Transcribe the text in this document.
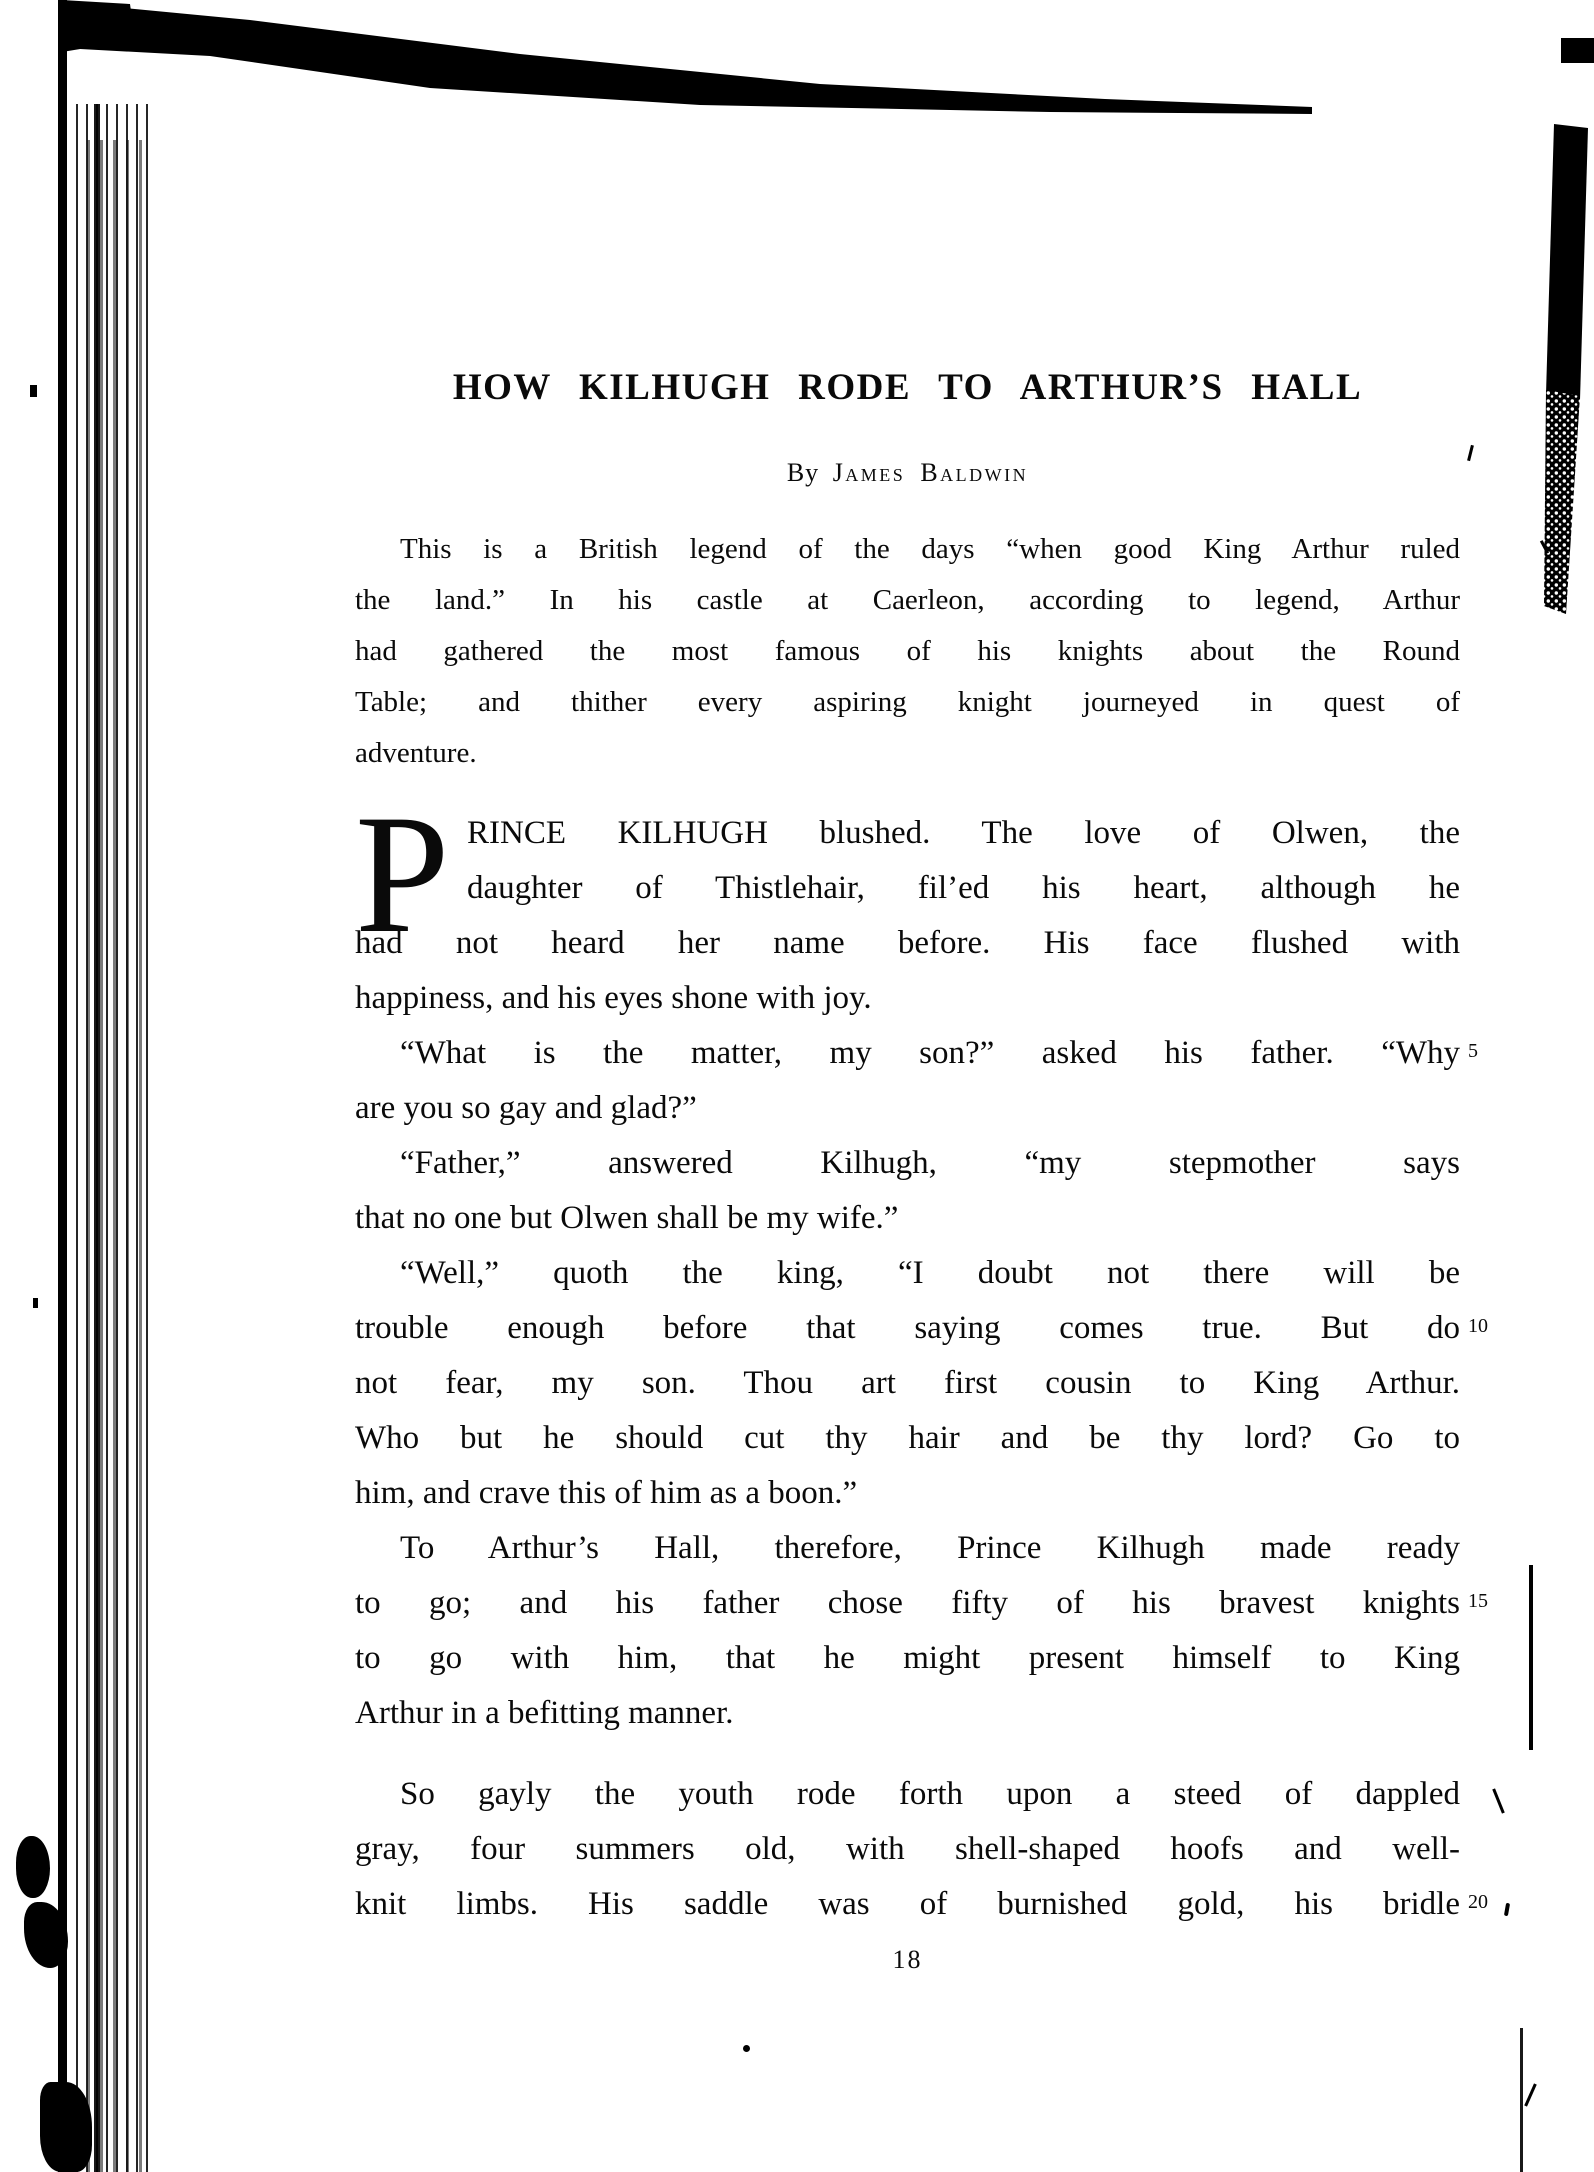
HOW KILHUGH RODE TO ARTHUR’S HALL
By James Baldwin
This is a British legend of the days “when good King Arthur ruled
the land.” In his castle at Caerleon, according to legend, Arthur
had gathered the most famous of his knights about the Round
Table; and thither every aspiring knight journeyed in quest of
adventure.
P RINCE KILHUGH blushed. The love of Olwen, the
daughter of Thistlehair, fil’ed his heart, although he
had not heard her name before. His face flushed with
happiness, and his eyes shone with joy.
“What is the matter, my son?” asked his father. “Why
are you so gay and glad?”
“Father,” answered Kilhugh, “my stepmother says
that no one but Olwen shall be my wife.”
“Well,” quoth the king, “I doubt not there will be
trouble enough before that saying comes true. But do
not fear, my son. Thou art first cousin to King Arthur.
Who but he should cut thy hair and be thy lord? Go to
him, and crave this of him as a boon.”
To Arthur’s Hall, therefore, Prince Kilhugh made ready
to go; and his father chose fifty of his bravest knights
to go with him, that he might present himself to King
Arthur in a befitting manner.
So gayly the youth rode forth upon a steed of dappled
gray, four summers old, with shell-shaped hoofs and well-
knit limbs. His saddle was of burnished gold, his bridle
5
10
15
20
18
